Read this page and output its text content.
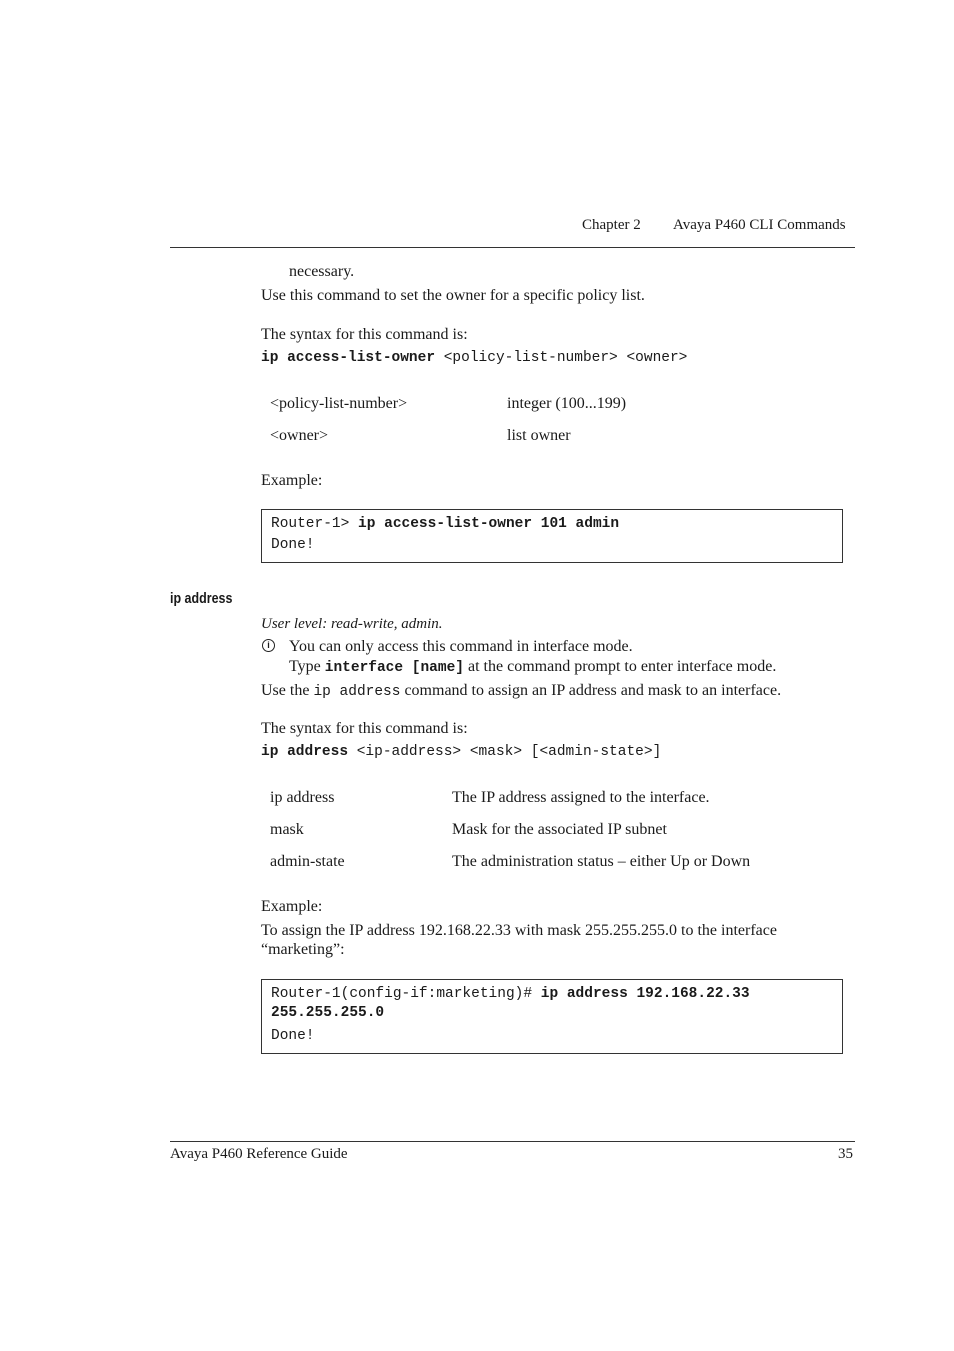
Chapter 2 Avaya P460 CLI Commands
necessary.
Use this command to set the owner for a specific policy list.
The syntax for this command is:
ip access-list-owner <policy-list-number> <owner>
<policy-list-number>	integer (100...199)
<owner>	list owner
Example:
Router-1> ip access-list-owner 101 admin
Done!
ip address
User level: read-write, admin.
i	You can only access this command in interface mode.
Type interface [name] at the command prompt to enter interface mode.
Use the ip address command to assign an IP address and mask to an interface.
The syntax for this command is:
ip address <ip-address> <mask> [<admin-state>]
ip address	The IP address assigned to the interface.
mask	Mask for the associated IP subnet
admin-state	The administration status – either Up or Down
Example:
To assign the IP address 192.168.22.33 with mask 255.255.255.0 to the interface
“marketing”:
Router-1(config-if:marketing)# ip address 192.168.22.33
255.255.255.0
Done!
Avaya P460 Reference Guide	35
